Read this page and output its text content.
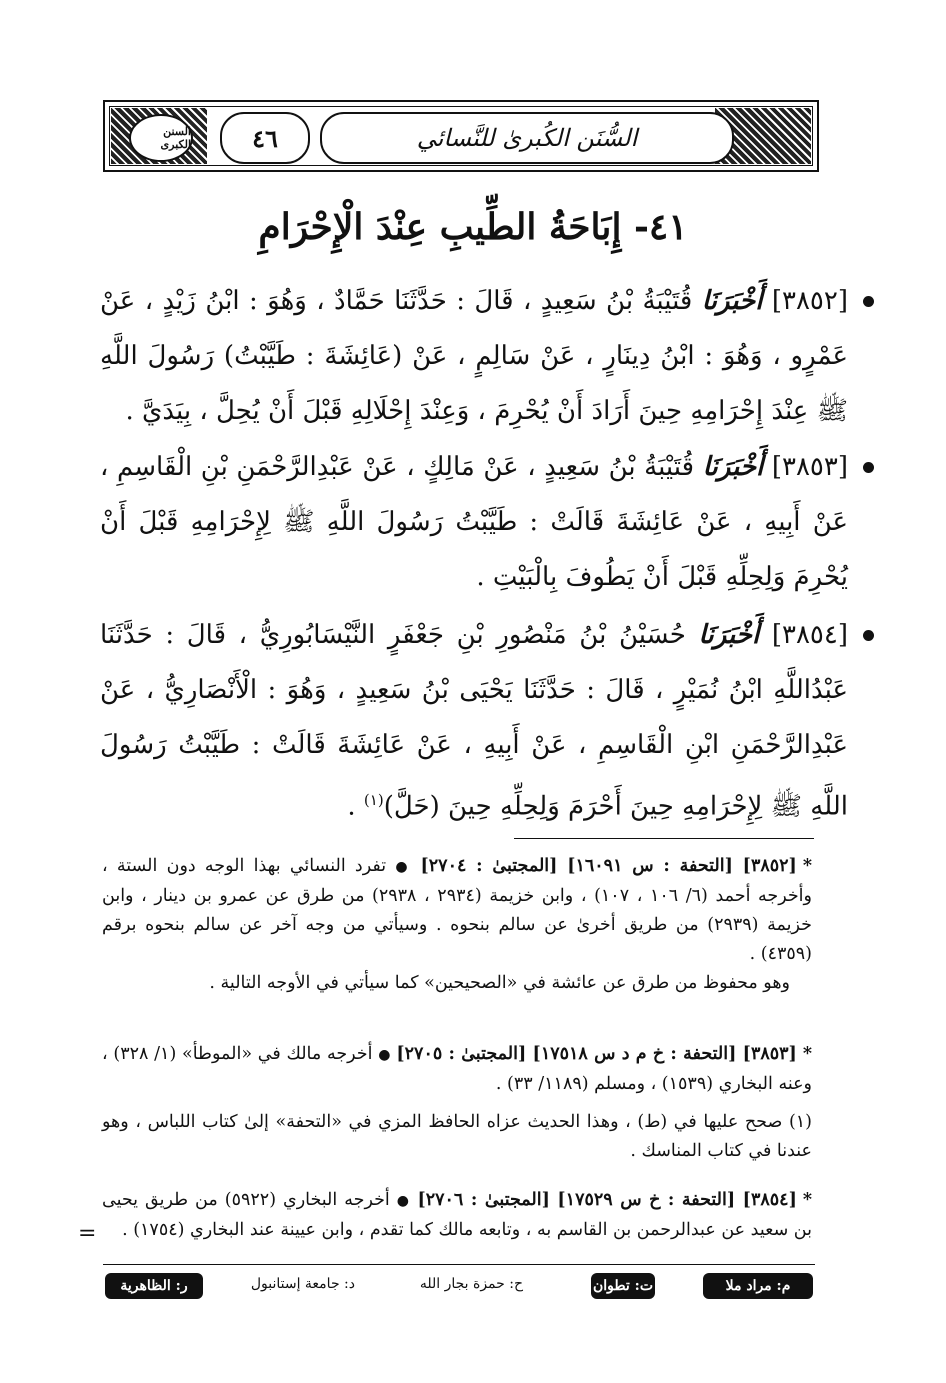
السنن الكبرى	السُّنَن الكُبرىٰ للنَّسائي
٤٦
٤١- إِبَاحَةُ الطِّيبِ عِنْدَ الْإِحْرَامِ
[٣٨٥٢] أَخْبَرَنَا قُتَيْبَةُ بْنُ سَعِيدٍ ، قَالَ : حَدَّثَنَا حَمَّادٌ ، وَهُوَ : ابْنُ زَيْدٍ ، عَنْ عَمْرٍو ، وَهُوَ : ابْنُ دِينَارٍ ، عَنْ سَالِمٍ ، عَنْ (عَائِشَةَ : طَيَّبْتُ) رَسُولَ اللَّهِ ﷺ عِنْدَ إِحْرَامِهِ حِينَ أَرَادَ أَنْ يُحْرِمَ ، وَعِنْدَ إِحْلَالِهِ قَبْلَ أَنْ يُحِلَّ ، بِيَدَيَّ .
[٣٨٥٣] أَخْبَرَنَا قُتَيْبَةُ بْنُ سَعِيدٍ ، عَنْ مَالِكٍ ، عَنْ عَبْدِالرَّحْمَنِ بْنِ الْقَاسِمِ ، عَنْ أَبِيهِ ، عَنْ عَائِشَةَ قَالَتْ : طَيَّبْتُ رَسُولَ اللَّهِ ﷺ لِإِحْرَامِهِ قَبْلَ أَنْ يُحْرِمَ وَلِحِلِّهِ قَبْلَ أَنْ يَطُوفَ بِالْبَيْتِ .
[٣٨٥٤] أَخْبَرَنَا حُسَيْنُ بْنُ مَنْصُورِ بْنِ جَعْفَرٍ النَّيْسَابُورِيُّ ، قَالَ : حَدَّثَنَا عَبْدُاللَّهِ ابْنُ نُمَيْرٍ ، قَالَ : حَدَّثَنَا يَحْيَى بْنُ سَعِيدٍ ، وَهُوَ : الْأَنْصَارِيُّ ، عَنْ عَبْدِالرَّحْمَنِ ابْنِ الْقَاسِمِ ، عَنْ أَبِيهِ ، عَنْ عَائِشَةَ قَالَتْ : طَيَّبْتُ رَسُولَ اللَّهِ ﷺ لِإِحْرَامِهِ حِينَ أَحْرَمَ وَلِحِلِّهِ حِينَ (حَلَّ)$^{(١)}$ .
*[٣٨٥٢] [التحفة : س ١٦٠٩١] [المجتبىٰ : ٢٧٠٤] ● تفرد النسائي بهذا الوجه دون الستة ، وأخرجه أحمد (٦/ ١٠٦ ، ١٠٧) ، وابن خزيمة (٢٩٣٤ ، ٢٩٣٨) من طرق عن عمرو بن دينار ، وابن خزيمة (٢٩٣٩) من طريق أخرىٰ عن سالم بنحوه . وسيأتي من وجه آخر عن سالم بنحوه برقم (٤٣٥٩) .
وهو محفوظ من طرق عن عائشة في «الصحيحين» كما سيأتي في الأوجه التالية .
*[٣٨٥٣] [التحفة : خ م د س ١٧٥١٨] [المجتبىٰ : ٢٧٠٥] ● أخرجه مالك في «الموطأ» (١/ ٣٢٨) ، وعنه البخاري (١٥٣٩) ، ومسلم (١١٨٩/ ٣٣) .
(١) صحح عليها في (ط) ، وهذا الحديث عزاه الحافظ المزي في «التحفة» إلىٰ كتاب اللباس ، وهو عندنا في كتاب المناسك .
*[٣٨٥٤] [التحفة : خ س ١٧٥٢٩] [المجتبىٰ : ٢٧٠٦] ● أخرجه البخاري (٥٩٢٢) من طريق يحيى بن سعيد عن عبدالرحمن بن القاسم به ، وتابعه مالك كما تقدم ، وابن عيينة عند البخاري (١٧٥٤) .
=
م: مراد ملا
ت: تطوان
ح: حمزة بجار الله
د: جامعة إستانبول
ر: الظاهرية
